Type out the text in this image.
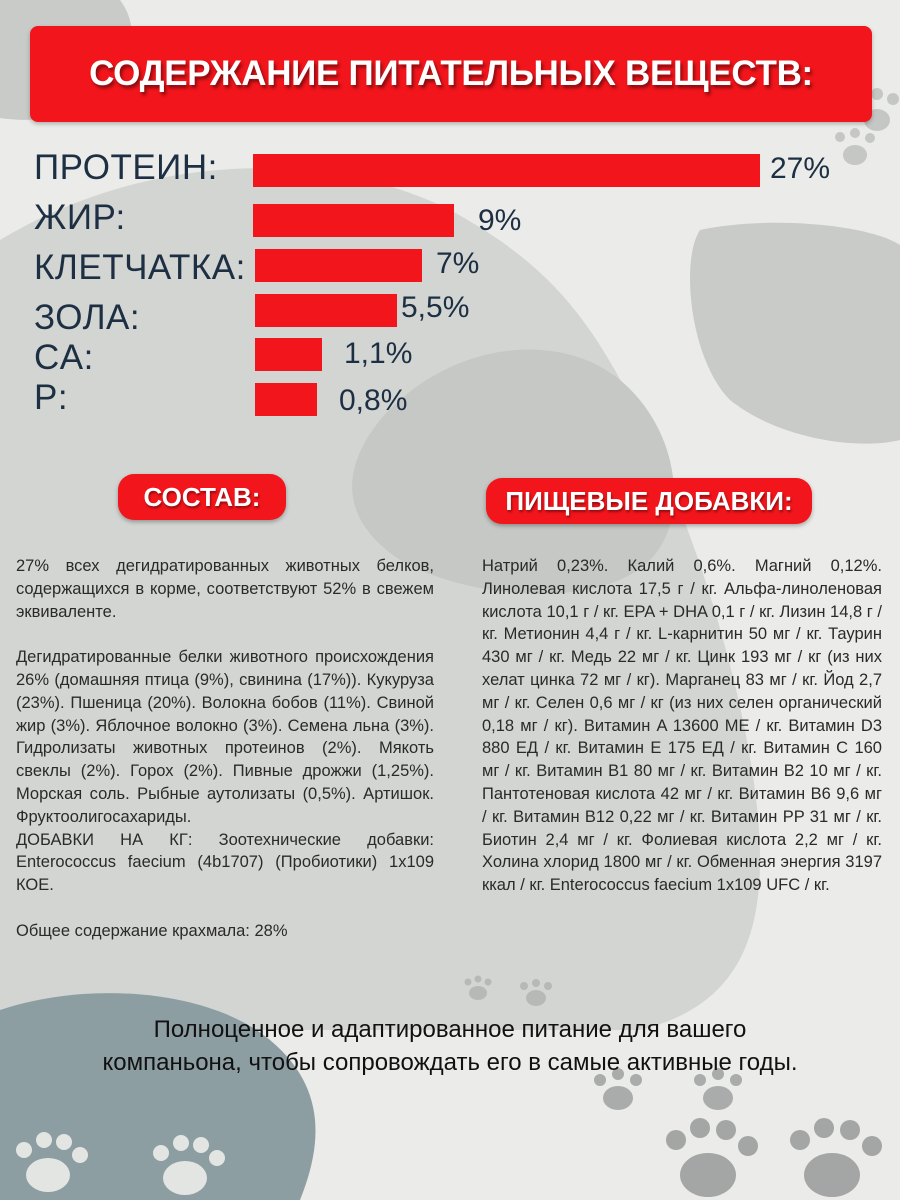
СОДЕРЖАНИЕ ПИТАТЕЛЬНЫХ ВЕЩЕСТВ:
ПРОТЕИН:	27%
ЖИР:	9%
КЛЕТЧАТКА:	7%
ЗОЛА:	5,5%
CA:	1,1%
P:	0,8%
СОСТАВ:	ПИЩЕВЫЕ ДОБАВКИ:

27% всех дегидратированных животных белков, содержащихся в корме, соответствуют 52% в свежем эквиваленте.

Дегидратированные белки животного происхождения 26% (домашняя птица (9%), свинина (17%)). Кукуруза (23%). Пшеница (20%). Волокна бобов (11%). Свиной жир (3%). Яблочное волокно (3%). Семена льна (3%). Гидролизаты животных протеинов (2%). Мякоть свеклы (2%). Горох (2%). Пивные дрожжи (1,25%). Морская соль. Рыбные аутолизаты (0,5%). Артишок. Фруктоолигосахариды.

ДОБАВКИ НА КГ: Зоотехнические добавки: Enterococcus faecium (4b1707) (Пробиотики) 1x109 КОЕ.

Общее содержание крахмала: 28%

Натрий 0,23%. Калий 0,6%. Магний 0,12%. Линолевая кислота 17,5 г / кг. Альфа-линоленовая кислота 10,1 г / кг. EPA + DHA 0,1 г / кг. Лизин 14,8 г / кг. Метионин 4,4 г / кг. L-карнитин 50 мг / кг. Таурин 430 мг / кг. Медь 22 мг / кг. Цинк 193 мг / кг (из них хелат цинка 72 мг / кг). Марганец 83 мг / кг. Йод 2,7 мг / кг. Селен 0,6 мг / кг (из них селен органический 0,18 мг / кг). Витамин A 13600 МЕ / кг. Витамин D3 880 ЕД / кг. Витамин E 175 ЕД / кг. Витамин C 160 мг / кг. Витамин B1 80 мг / кг. Витамин B2 10 мг / кг. Пантотеновая кислота 42 мг / кг. Витамин B6 9,6 мг / кг. Витамин B12 0,22 мг / кг. Витамин PP 31 мг / кг. Биотин 2,4 мг / кг. Фолиевая кислота 2,2 мг / кг. Холина хлорид 1800 мг / кг. Обменная энергия 3197 ккал / кг. Enterococcus faecium 1x109 UFC / кг.

Полноценное и адаптированное питание для вашего
компаньона, чтобы сопровождать его в самые активные годы.
